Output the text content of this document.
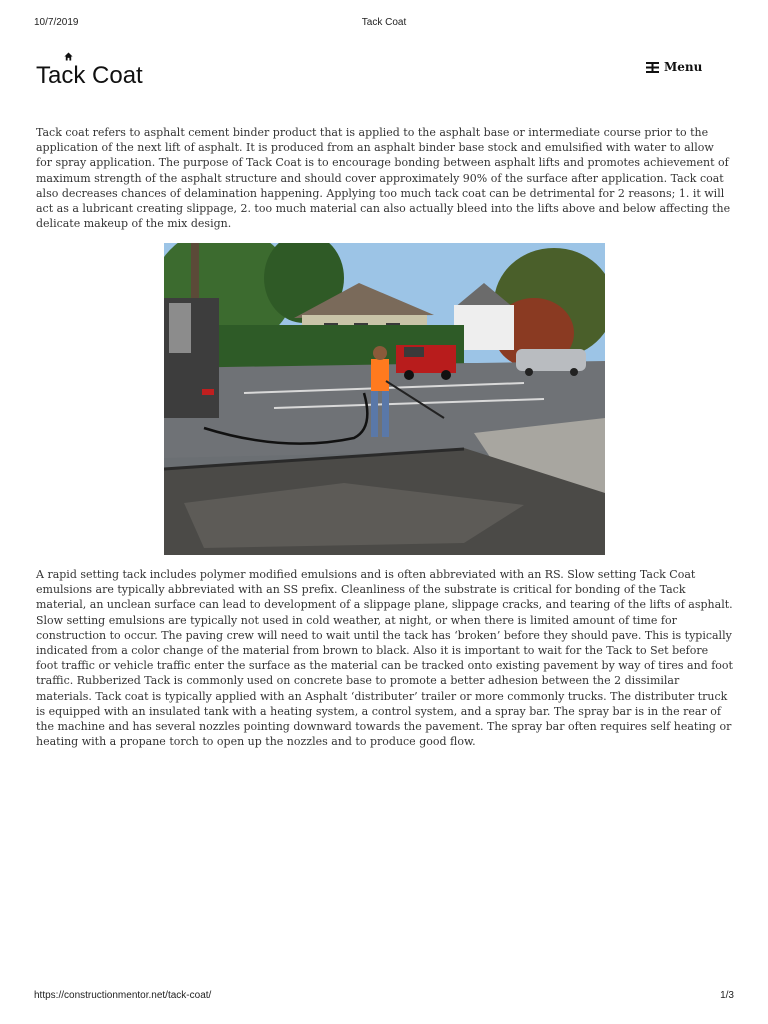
10/7/2019	Tack Coat
Tack Coat	Menu

Tack coat refers to asphalt cement binder product that is applied to the asphalt base or intermediate course prior to the application of the next lift of asphalt. It is produced from an asphalt binder base stock and emulsified with water to allow for spray application. The purpose of Tack Coat is to encourage bonding between asphalt lifts and promotes achievement of maximum strength of the asphalt structure and should cover approximately 90% of the surface after application. Tack coat also decreases chances of delamination happening. Applying too much tack coat can be detrimental for 2 reasons; 1. it will act as a lubricant creating slippage, 2. too much material can also actually bleed into the lifts above and below affecting the delicate makeup of the mix design.

A rapid setting tack includes polymer modified emulsions and is often abbreviated with an RS. Slow setting Tack Coat emulsions are typically abbreviated with an SS prefix. Cleanliness of the substrate is critical for bonding of the Tack material, an unclean surface can lead to development of a slippage plane, slippage cracks, and tearing of the lifts of asphalt. Slow setting emulsions are typically not used in cold weather, at night, or when there is limited amount of time for construction to occur. The paving crew will need to wait until the tack has ‘broken’ before they should pave. This is typically indicated from a color change of the material from brown to black. Also it is important to wait for the Tack to Set before foot traffic or vehicle traffic enter the surface as the material can be tracked onto existing pavement by way of tires and foot traffic. Rubberized Tack is commonly used on concrete base to promote a better adhesion between the 2 dissimilar materials. Tack coat is typically applied with an Asphalt ‘distributer’ trailer or more commonly trucks. The distributer truck is equipped with an insulated tank with a heating system, a control system, and a spray bar. The spray bar is in the rear of the machine and has several nozzles pointing downward towards the pavement. The spray bar often requires self heating or heating with a propane torch to open up the nozzles and to produce good flow.

https://constructionmentor.net/tack-coat/	1/3
